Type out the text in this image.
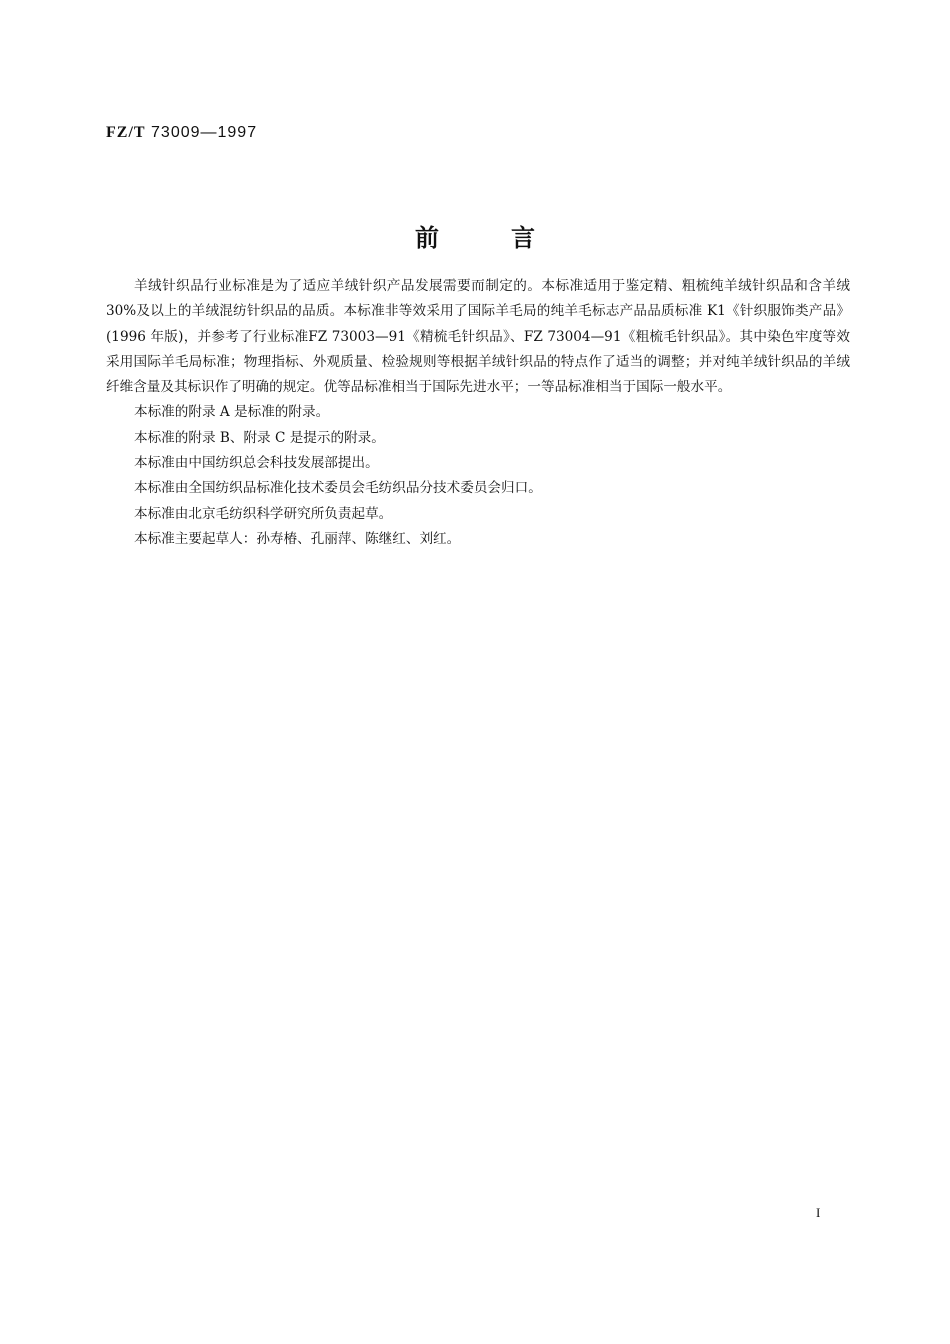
FZ/T 73009—1997
前言

羊绒针织品行业标准是为了适应羊绒针织产品发展需要而制定的。本标准适用于鉴定精、粗梳纯羊绒针织品和含羊绒30%及以上的羊绒混纺针织品的品质。本标准非等效采用了国际羊毛局的纯羊毛标志产品品质标准 K1《针织服饰类产品》(1996 年版)，并参考了行业标准FZ 73003—91《精梳毛针织品》、FZ 73004—91《粗梳毛针织品》。其中染色牢度等效采用国际羊毛局标准；物理指标、外观质量、检验规则等根据羊绒针织品的特点作了适当的调整；并对纯羊绒针织品的羊绒纤维含量及其标识作了明确的规定。优等品标准相当于国际先进水平；一等品标准相当于国际一般水平。

本标准的附录 A 是标准的附录。

本标准的附录 B、附录 C 是提示的附录。

本标准由中国纺织总会科技发展部提出。

本标准由全国纺织品标准化技术委员会毛纺织品分技术委员会归口。

本标准由北京毛纺织科学研究所负责起草。

本标准主要起草人：孙寿椿、孔丽萍、陈继红、刘红。

I
